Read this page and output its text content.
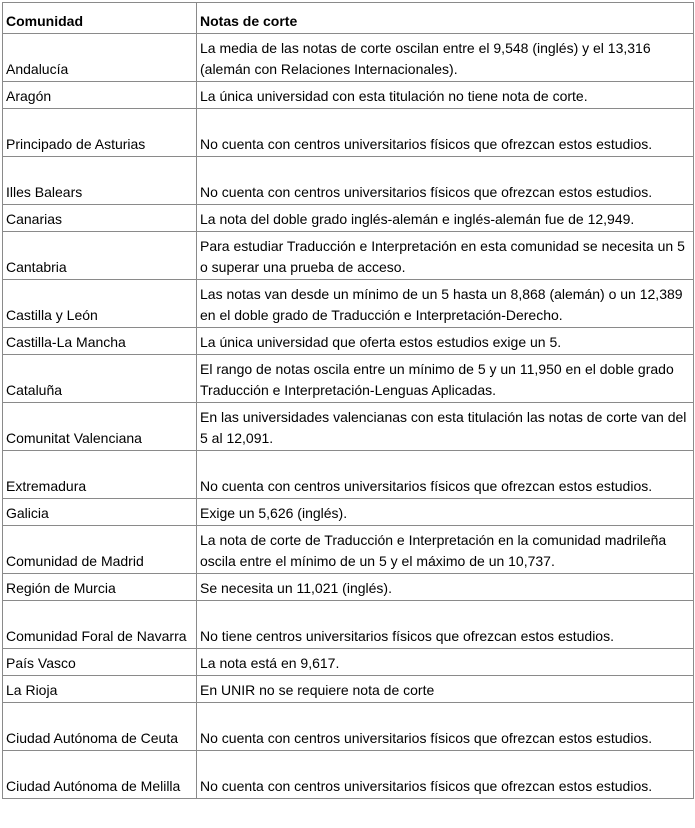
Comunidad	Notas de corte
Andalucía	La media de las notas de corte oscilan entre el 9,548 (inglés) y el 13,316 (alemán con Relaciones Internacionales).
Aragón	La única universidad con esta titulación no tiene nota de corte.
Principado de Asturias	No cuenta con centros universitarios físicos que ofrezcan estos estudios.
Illes Balears	No cuenta con centros universitarios físicos que ofrezcan estos estudios.
Canarias	La nota del doble grado inglés-alemán e inglés-alemán fue de 12,949.
Cantabria	Para estudiar Traducción e Interpretación en esta comunidad se necesita un 5 o superar una prueba de acceso.
Castilla y León	Las notas van desde un mínimo de un 5 hasta un 8,868 (alemán) o un 12,389 en el doble grado de Traducción e Interpretación-Derecho.
Castilla-La Mancha	La única universidad que oferta estos estudios exige un 5.
Cataluña	El rango de notas oscila entre un mínimo de 5 y un 11,950 en el doble grado Traducción e Interpretación-Lenguas Aplicadas.
Comunitat Valenciana	En las universidades valencianas con esta titulación las notas de corte van del 5 al 12,091.
Extremadura	No cuenta con centros universitarios físicos que ofrezcan estos estudios.
Galicia	Exige un 5,626 (inglés).
Comunidad de Madrid	La nota de corte de Traducción e Interpretación en la comunidad madrileña oscila entre el mínimo de un 5 y el máximo de un 10,737.
Región de Murcia	Se necesita un 11,021 (inglés).
Comunidad Foral de Navarra	No tiene centros universitarios físicos que ofrezcan estos estudios.
País Vasco	La nota está en 9,617.
La Rioja	En UNIR no se requiere nota de corte
Ciudad Autónoma de Ceuta	No cuenta con centros universitarios físicos que ofrezcan estos estudios.
Ciudad Autónoma de Melilla	No cuenta con centros universitarios físicos que ofrezcan estos estudios.
